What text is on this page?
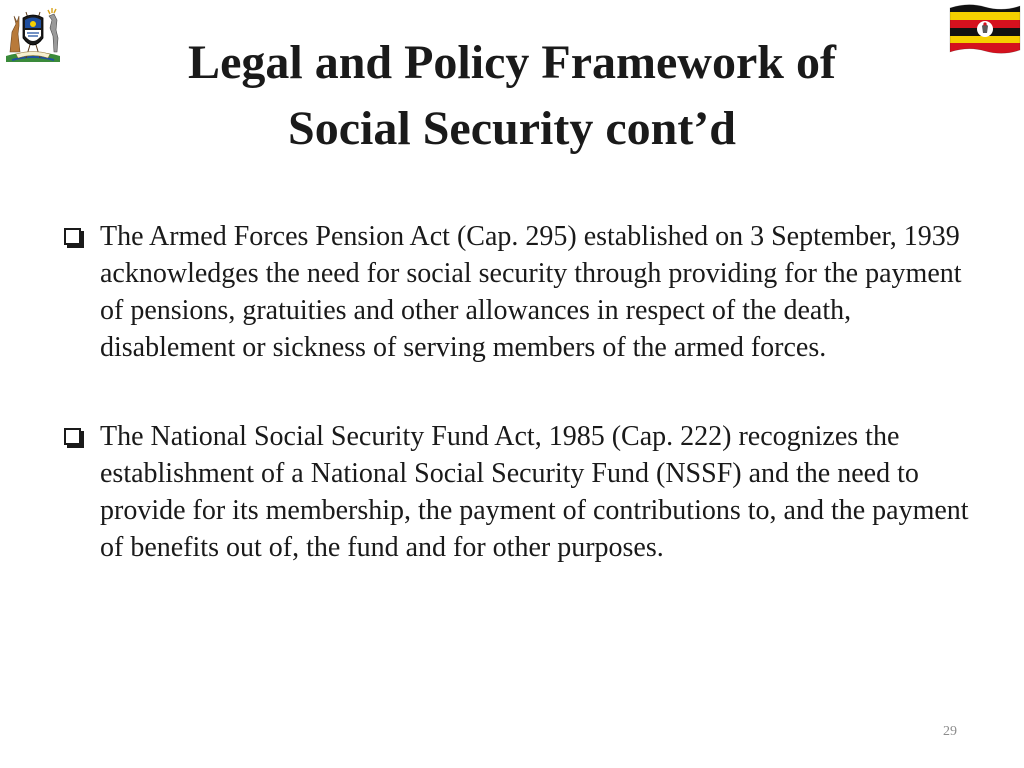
Legal and Policy Framework of
Social Security cont’d
The Armed Forces Pension Act (Cap. 295) established on 3 September, 1939 acknowledges the need for social security through providing for the payment of pensions, gratuities and other allowances in respect of the death, disablement or sickness of serving members of the armed forces.
The National Social Security Fund Act, 1985 (Cap. 222) recognizes the establishment of a National Social Security Fund (NSSF) and the need to provide for its membership, the payment of contributions to, and the payment of benefits out of, the fund and for other purposes.
29
